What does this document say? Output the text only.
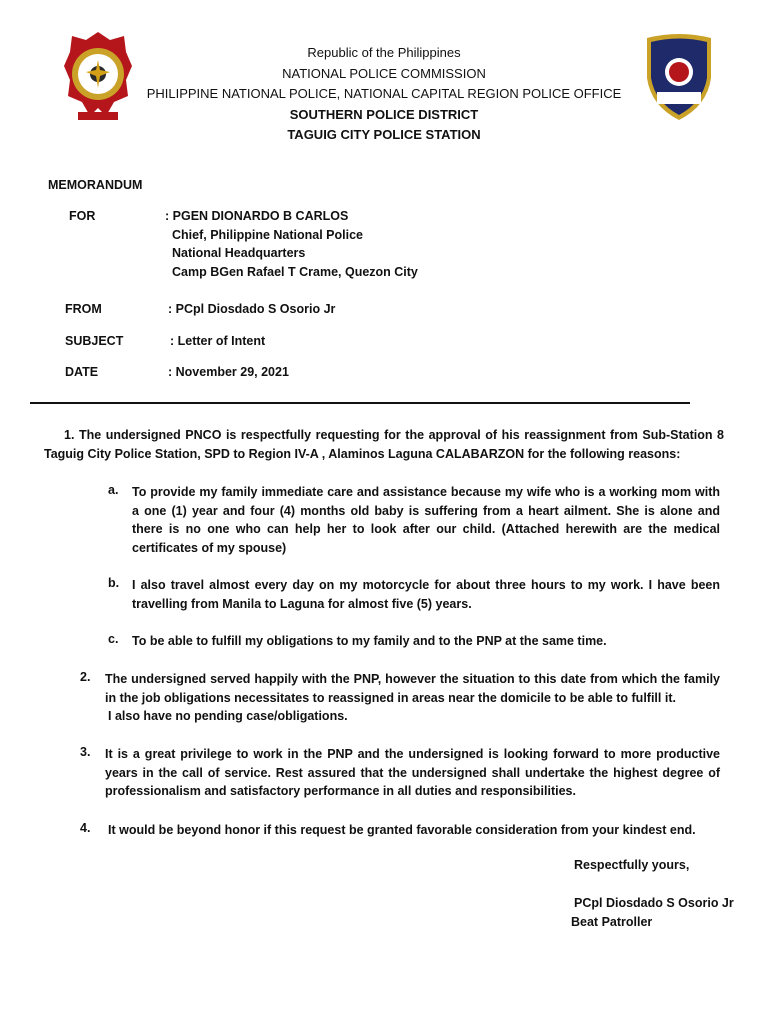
Republic of the Philippines
NATIONAL POLICE COMMISSION
PHILIPPINE NATIONAL POLICE, NATIONAL CAPITAL REGION POLICE OFFICE
SOUTHERN POLICE DISTRICT
TAGUIG CITY POLICE STATION
MEMORANDUM
FOR	: PGEN DIONARDO B CARLOS
Chief, Philippine National Police
National Headquarters
Camp BGen Rafael T Crame, Quezon City
FROM	: PCpl Diosdado S Osorio Jr
SUBJECT	: Letter of Intent
DATE	: November 29, 2021
1. The undersigned PNCO is respectfully requesting for the approval of his reassignment from Sub-Station 8 Taguig City Police Station, SPD to Region IV-A , Alaminos Laguna CALABARZON for the following reasons:
a. To provide my family immediate care and assistance because my wife who is a working mom with a one (1) year and four (4) months old baby is suffering from a heart ailment. She is alone and there is no one who can help her to look after our child. (Attached herewith are the medical certificates of my spouse)
b. I also travel almost every day on my motorcycle for about three hours to my work. I have been travelling from Manila to Laguna for almost five (5) years.
c. To be able to fulfill my obligations to my family and to the PNP at the same time.
2. The undersigned served happily with the PNP, however the situation to this date from which the family in the job obligations necessitates to reassigned in areas near the domicile to be able to fulfill it.
I also have no pending case/obligations.
3. It is a great privilege to work in the PNP and the undersigned is looking forward to more productive years in the call of service. Rest assured that the undersigned shall undertake the highest degree of professionalism and satisfactory performance in all duties and responsibilities.
4. It would be beyond honor if this request be granted favorable consideration from your kindest end.
Respectfully yours,
PCpl Diosdado S Osorio Jr
Beat Patroller
